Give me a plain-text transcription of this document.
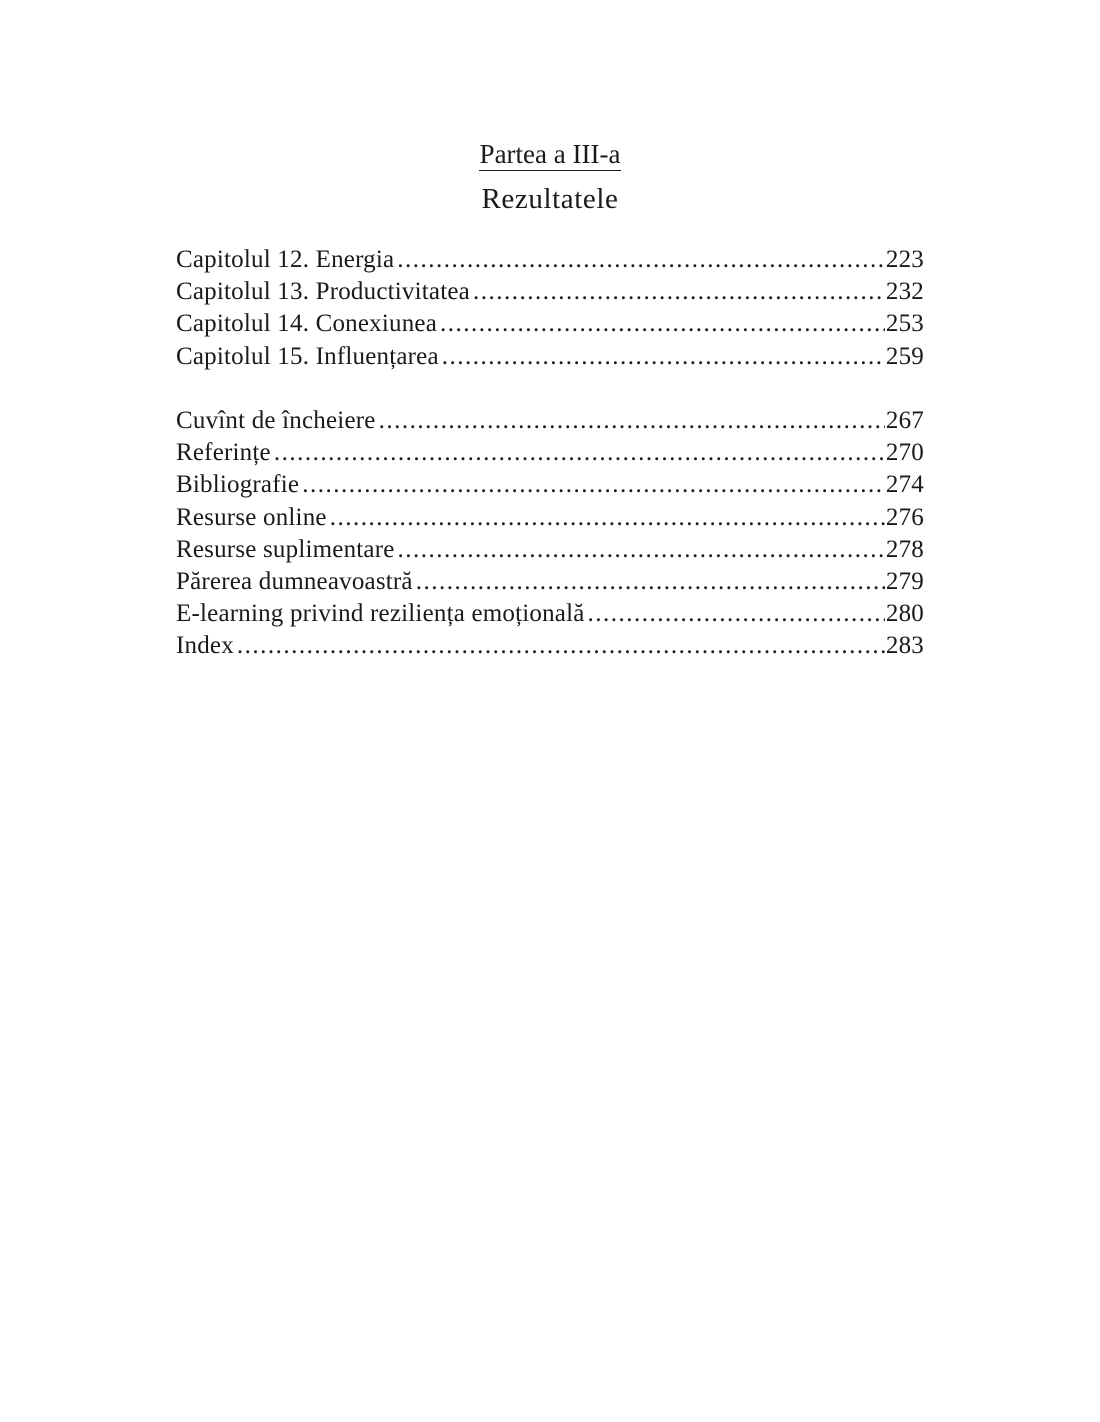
Partea a III-a
Rezultatele
Capitolul 12. Energia .....	223
Capitolul 13. Productivitatea .....	232
Capitolul 14. Conexiunea .....	253
Capitolul 15. Influențarea .....	259
Cuvînt de încheiere .....	267
Referințe .....	270
Bibliografie .....	274
Resurse online .....	276
Resurse suplimentare .....	278
Părerea dumneavoastră .....	279
E-learning privind reziliența emoțională .....	280
Index .....	283
